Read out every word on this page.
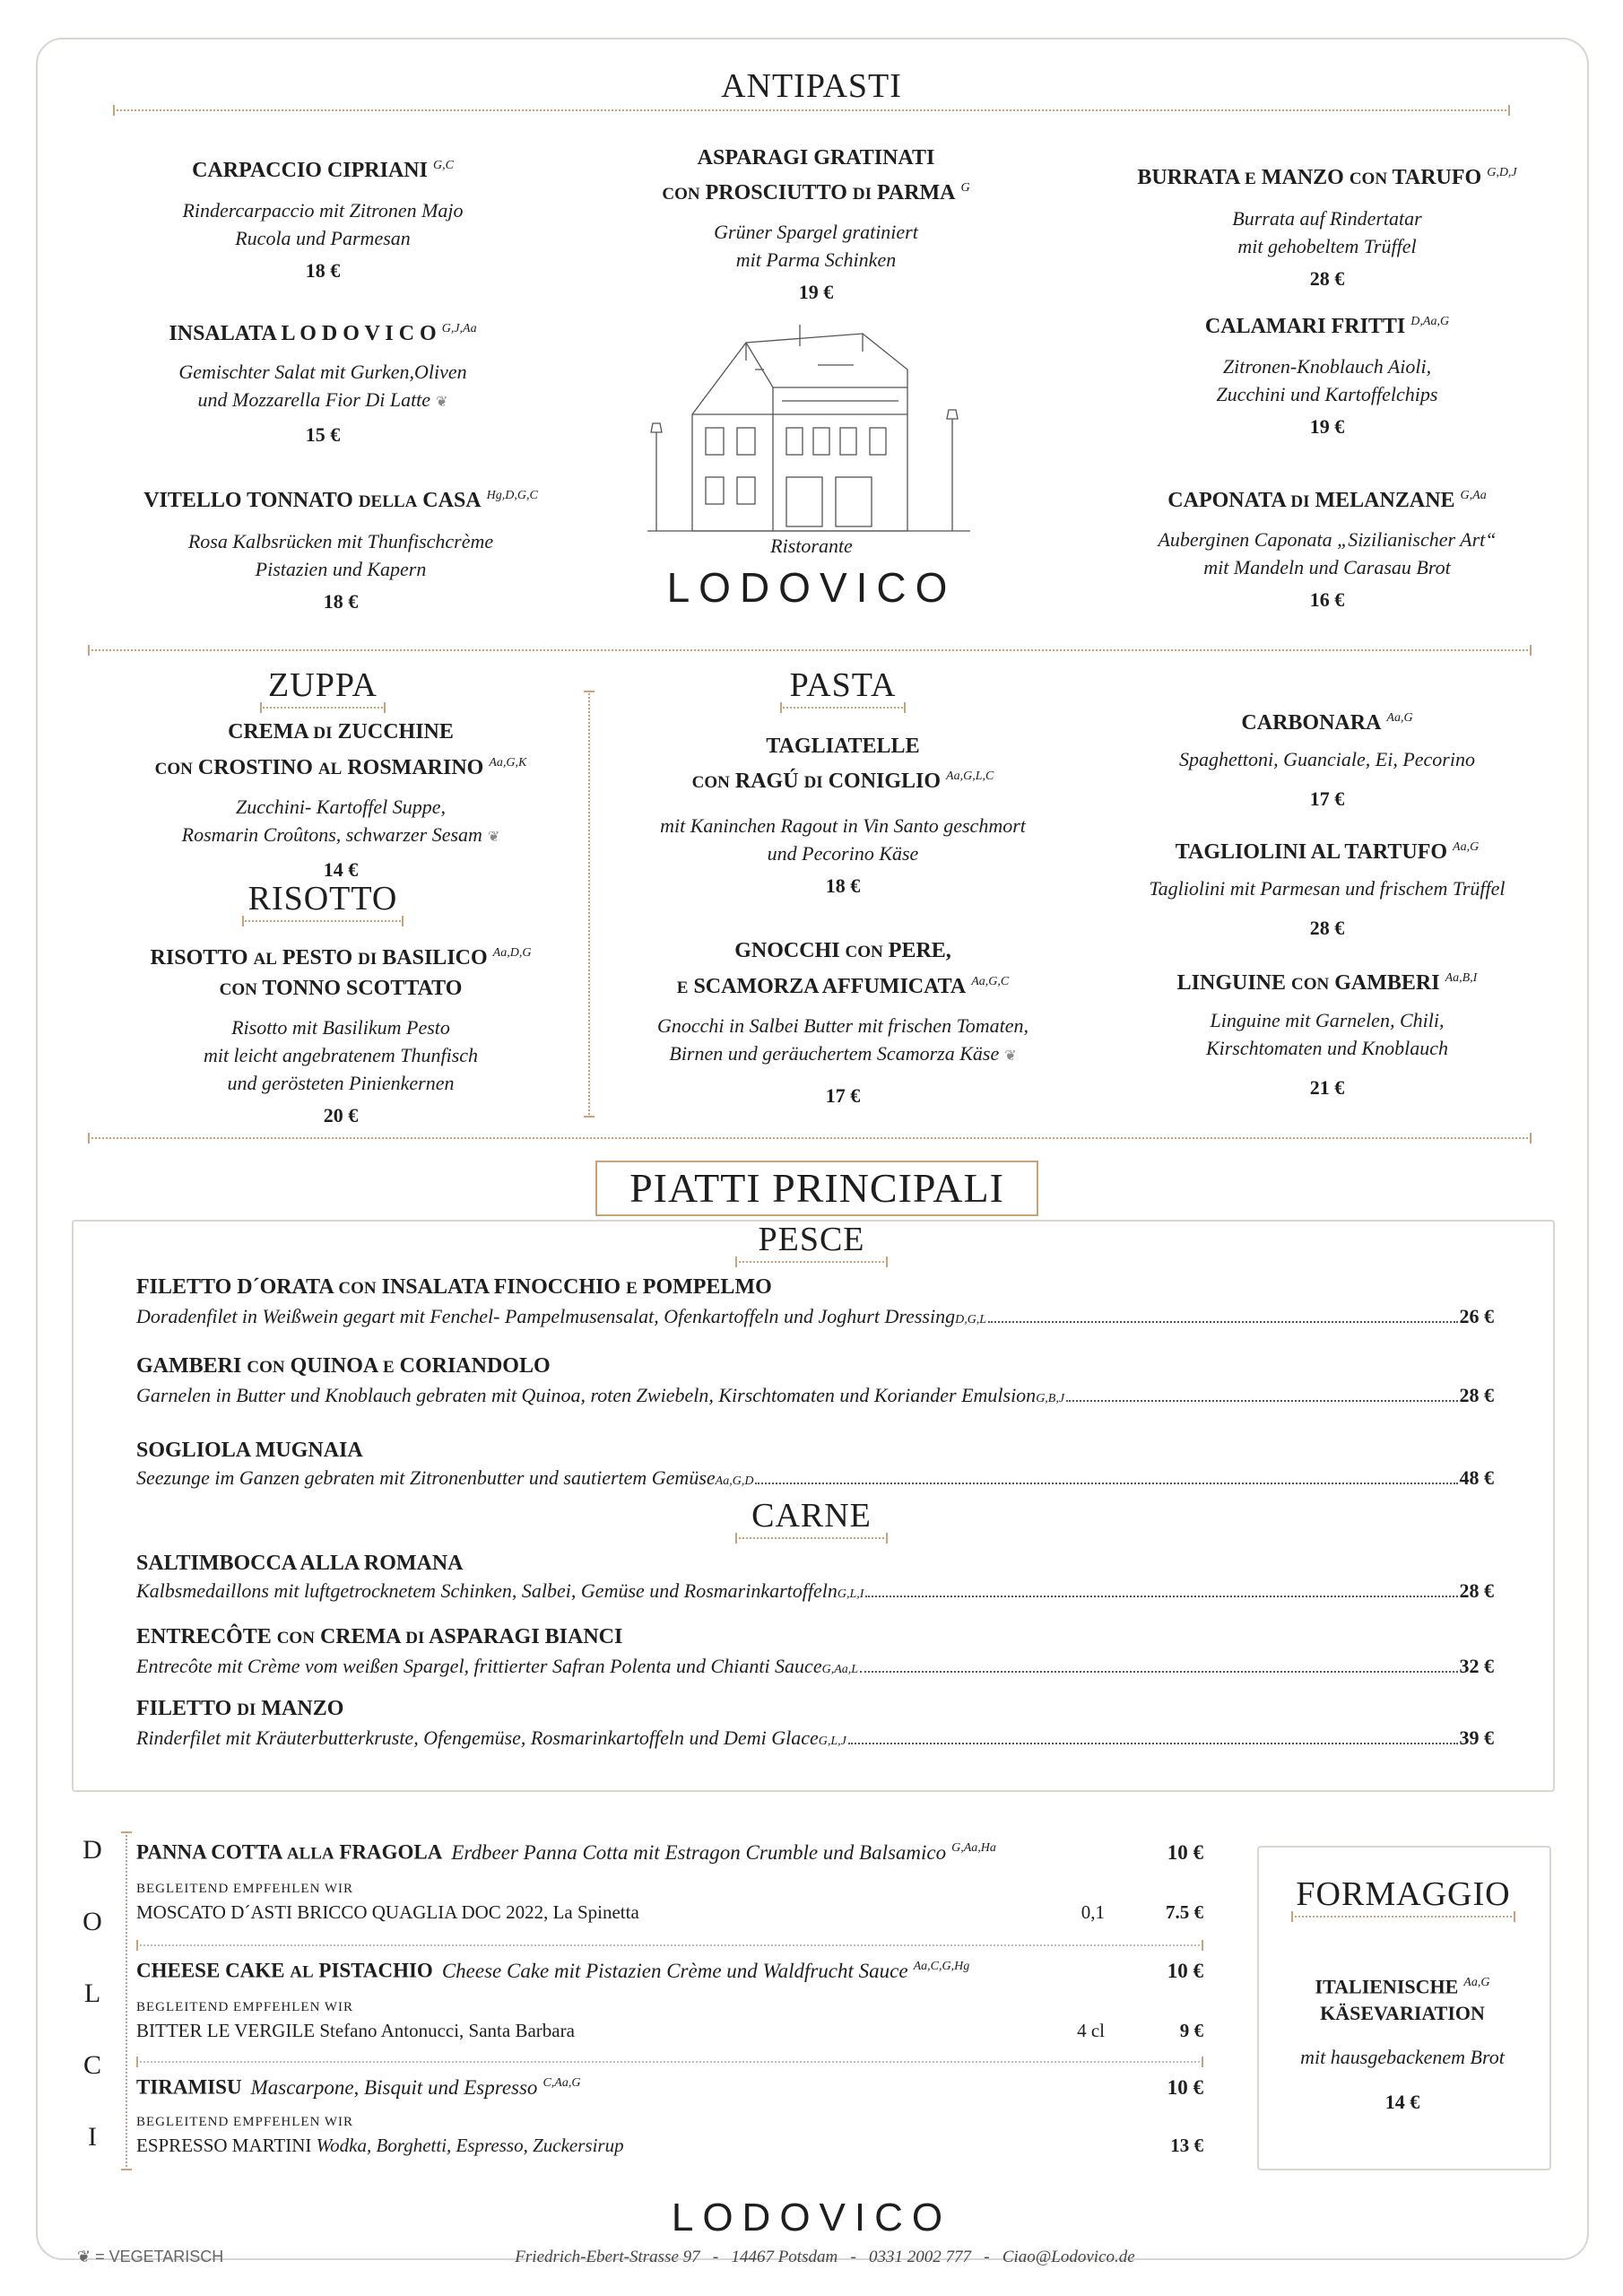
ANTIPASTI
CARPACCIO CIPRIANI $^{G,C}$
Rindercarpaccio mit Zitronen Majo
Rucola und Parmesan
18 €
INSALATA L O D O V I C O $^{G,J,Aa}$
Gemischter Salat mit Gurken,Oliven
und Mozzarella Fior Di Latte ❦
15 €
VITELLO TONNATO DELLA CASA $^{Hg,D,G,C}$
Rosa Kalbsrücken mit Thunfischcrème
Pistazien und Kapern
18 €
ASPARAGI GRATINATI
CON PROSCIUTTO DI PARMA $^G$
Grüner Spargel gratiniert
mit Parma Schinken
19 €
Ristorante
LODOVICO
BURRATA E MANZO CON TARUFO $^{G,D,J}$
Burrata auf Rindertatar
mit gehobeltem Trüffel
28 €
CALAMARI FRITTI $^{D,Aa,G}$
Zitronen-Knoblauch Aioli,
Zucchini und Kartoffelchips
19 €
CAPONATA DI MELANZANE $^{G,Aa}$
Auberginen Caponata „Sizilianischer Art“
mit Mandeln und Carasau Brot
16 €
ZUPPA
CREMA DI ZUCCHINE
CON CROSTINO AL ROSMARINO $^{Aa,G,K}$
Zucchini- Kartoffel Suppe,
Rosmarin Croûtons, schwarzer Sesam ❦
14 €
RISOTTO
RISOTTO AL PESTO DI BASILICO $^{Aa,D,G}$
CON TONNO SCOTTATO
Risotto mit Basilikum Pesto
mit leicht angebratenem Thunfisch
und gerösteten Pinienkernen
20 €
PASTA
TAGLIATELLE
CON RAGÚ DI CONIGLIO $^{Aa,G,L,C}$
mit Kaninchen Ragout in Vin Santo geschmort
und Pecorino Käse
18 €
GNOCCHI CON PERE,
E SCAMORZA AFFUMICATA $^{Aa,G,C}$
Gnocchi in Salbei Butter mit frischen Tomaten,
Birnen und geräuchertem Scamorza Käse ❦
17 €
CARBONARA $^{Aa,G}$
Spaghettoni, Guanciale, Ei, Pecorino
17 €
TAGLIOLINI AL TARTUFO $^{Aa,G}$
Tagliolini mit Parmesan und frischem Trüffel
28 €
LINGUINE CON GAMBERI $^{Aa,B,I}$
Linguine mit Garnelen, Chili,
Kirschtomaten und Knoblauch
21 €
PIATTI PRINCIPALI
PESCE
FILETTO D´ORATA CON INSALATA FINOCCHIO E POMPELMO
Doradenfilet in Weißwein gegart mit Fenchel- Pampelmusensalat, Ofenkartoffeln und Joghurt Dressing D,G,L	26 €
GAMBERI CON QUINOA E CORIANDOLO
Garnelen in Butter und Knoblauch gebraten mit Quinoa, roten Zwiebeln, Kirschtomaten und Koriander Emulsion G,B,J	28 €
SOGLIOLA MUGNAIA
Seezunge im Ganzen gebraten mit Zitronenbutter und sautiertem Gemüse Aa,G,D	48 €
CARNE
SALTIMBOCCA ALLA ROMANA
Kalbsmedaillons mit luftgetrocknetem Schinken, Salbei, Gemüse und Rosmarinkartoffeln G,L,I	28 €
ENTRECÔTE CON CREMA DI ASPARAGI BIANCI
Entrecôte mit Crème vom weißen Spargel, frittierter Safran Polenta und Chianti Sauce G,Aa,L	32 €
FILETTO DI MANZO
Rinderfilet mit Kräuterbutterkruste, Ofengemüse, Rosmarinkartoffeln und Demi Glace G,L,J	39 €
D
O
L
C
I
PANNA COTTA ALLA FRAGOLA Erdbeer Panna Cotta mit Estragon Crumble und Balsamico $^{G,Aa,Ha}$	10 €
BEGLEITEND EMPFEHLEN WIR
MOSCATO D´ASTI BRICCO QUAGLIA DOC 2022, La Spinetta	0,1	7.5 €
CHEESE CAKE AL PISTACHIO Cheese Cake mit Pistazien Crème und Waldfrucht Sauce $^{Aa,C,G,Hg}$	10 €
BEGLEITEND EMPFEHLEN WIR
BITTER LE VERGILE Stefano Antonucci, Santa Barbara	4 cl	9 €
TIRAMISU Mascarpone, Bisquit und Espresso $^{C,Aa,G}$	10 €
BEGLEITEND EMPFEHLEN WIR
ESPRESSO MARTINI Wodka, Borghetti, Espresso, Zuckersirup	13 €
FORMAGGIO
ITALIENISCHE $^{Aa,G}$
KÄSEVARIATION
mit hausgebackenem Brot
14 €
LODOVICO
❦ = VEGETARISCH	Friedrich-Ebert-Strasse 97   -   14467 Potsdam   -   0331 2002 777   -   Ciao@Lodovico.de
